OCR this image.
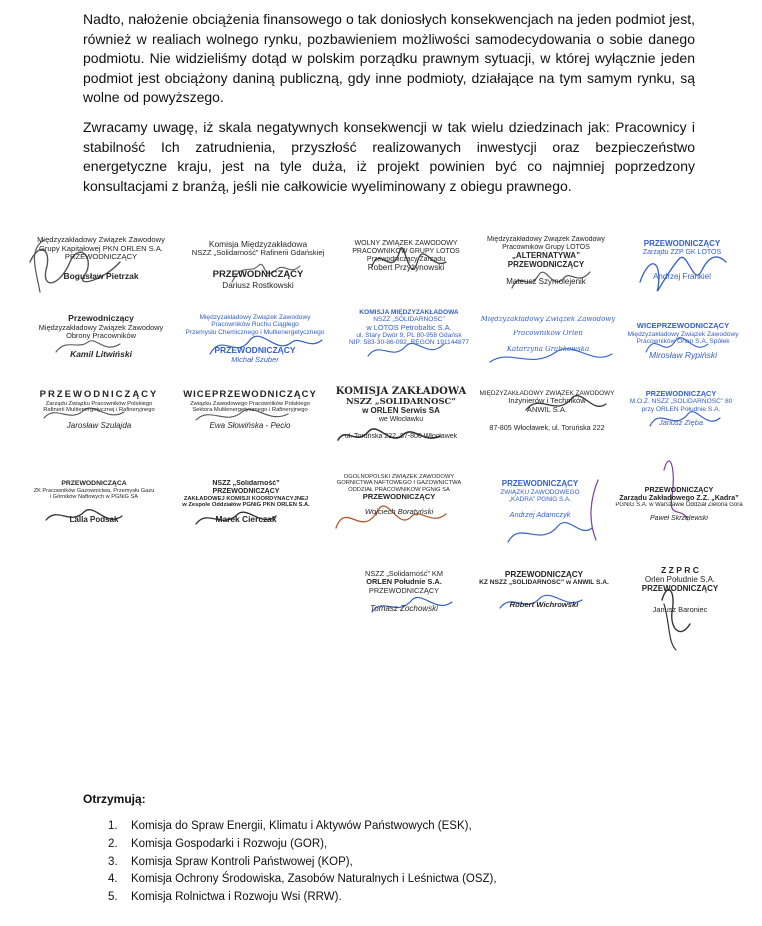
Nadto, nałożenie obciążenia finansowego o tak doniosłych konsekwencjach na jeden podmiot jest, również w realiach wolnego rynku, pozbawieniem możliwości samodecydowania o sobie danego podmiotu. Nie widzieliśmy dotąd w polskim porządku prawnym sytuacji, w której wyłącznie jeden podmiot jest obciążony daniną publiczną, gdy inne podmioty, działające na tym samym rynku, są wolne od powyższego.

Zwracamy uwagę, iż skala negatywnych konsekwencji w tak wielu dziedzinach jak: Pracownicy i stabilność Ich zatrudnienia, przyszłość realizowanych inwestycji oraz bezpieczeństwo energetyczne kraju, jest na tyle duża, iż projekt powinien być co najmniej poprzedzony konsultacjami z branżą, jeśli nie całkowicie wyeliminowany z obiegu prawnego.

Międzyzakładowy Związek Zawodowy
Grupy Kapitałowej PKN ORLEN S.A.
PRZEWODNICZĄCY

Bogusław Pietrzak
Komisja Międzyzakładowa
NSZZ „Solidarność” Rafinerii Gdańskiej

PRZEWODNICZĄCY
Dariusz Rostkowski
WOLNY ZWIĄZEK ZAWODOWY
PRACOWNIKÓW GRUPY LOTOS
Przewodniczący Zarządu
Robert Przyżynowski
Międzyzakładowy Związek Zawodowy
Pracowników Grupy LOTOS
„ALTERNATYWA”
PRZEWODNICZĄCY

Mateusz Szymolejenik
PRZEWODNICZĄCY
Zarządu ZZP GK LOTOS

Andrzej Frankiel
Przewodniczący
Międzyzakładowy Związek Zawodowy
Obrony Pracowników

Kamil Litwiński
Międzyzakładowy Związek Zawodowy
Pracowników Ruchu Ciągłego
Przemysłu Chemicznego i Multienergetycznego

PRZEWODNICZĄCY
Michał Szuber
KOMISJA MIĘDZYZAKŁADOWA
NSZZ „SOLIDARNOŚĆ”
w LOTOS Petrobaltic S.A.
ul. Stary Dwór 9, PL 80-958 Gdańsk
NIP: 583-30-86-092, REGON 191144877
Międzyzakładowy Związek Zawodowy
Pracowników Orlen
Katarzyna Grabkowska
WICEPRZEWODNICZĄCY
Międzyzakładowy Związek Zawodowy
Pracowników Orlen S.A. Spółek

Mirosław Rypiński
PRZEWODNICZĄCY
Zarządu Związku Pracowników Polskiego
Rafinerii Multienergetycznej i Rafineryjnego

Jarosław Szulajda
WICEPRZEWODNICZĄCY
Związku Zawodowego Pracowników Polskiego
Sektora Multienergetycznego i Rafineryjnego

Ewa Słowińska - Pecio
KOMISJA ZAKŁADOWA
NSZZ „SOLIDARNOŚĆ”
w ORLEN Serwis SA
we Włocławku
ul. Toruńska 222, 87-800 Włocławek
MIĘDZYZAKŁADOWY ZWIĄZEK ZAWODOWY
Inżynierów i Techników
ANWIL S.A.
87-805 Włocławek, ul. Toruńska 222
PRZEWODNICZĄCY
M.O.Z. NSZZ „SOLIDARNOŚĆ” 80
przy ORLEN Południe S.A.

Janusz Zięba
PRZEWODNICZĄCA
ZK Pracowników Gazownictwa, Przemysłu Gazu
i Górników Naftowych w PGNiG SA

Lalla Podsak
NSZZ „Solidarność”
PRZEWODNICZĄCY
ZAKŁADOWEJ KOMISJI KOORDYNACYJNEJ
w Zespole Oddziałów PGNiG PKN ORLEN S.A.

Marek Cierczak
OGÓLNOPOLSKI ZWIĄZEK ZAWODOWY
GÓRNICTWA NAFTOWEGO I GAZOWNICTWA
ODDZIAŁ PRACOWNIKÓW PGNiG SA
PRZEWODNICZĄCY

Wojciech Boratyński
PRZEWODNICZĄCY
ZWIĄZKU ZAWODOWEGO
„KADRA” PGNiG S.A.

Andrzej Adamczyk
PRZEWODNICZĄCY
Zarządu Zakładowego Z.Z. „Kadra”
PGNiG S.A. w Warszawie Oddział Zielona Góra

Paweł Skrzelewski
NSZZ „Solidarność” KM
ORLEN Południe S.A.
PRZEWODNICZĄCY

Tomasz Żochowski
PRZEWODNICZĄCY
KZ NSZZ „SOLIDARNOŚĆ” w ANWIL S.A.

Robert Wichrowski
Z Z P R C
Orlen Południe S.A.
PRZEWODNICZĄCY

Janusz Baroniec

Otrzymują:

1.	Komisja do Spraw Energii, Klimatu i Aktywów Państwowych (ESK),
2.	Komisja Gospodarki i Rozwoju (GOR),
3.	Komisja Spraw Kontroli Państwowej (KOP),
4.	Komisja Ochrony Środowiska, Zasobów Naturalnych i Leśnictwa (OSZ),
5.	Komisja Rolnictwa i Rozwoju Wsi (RRW).
